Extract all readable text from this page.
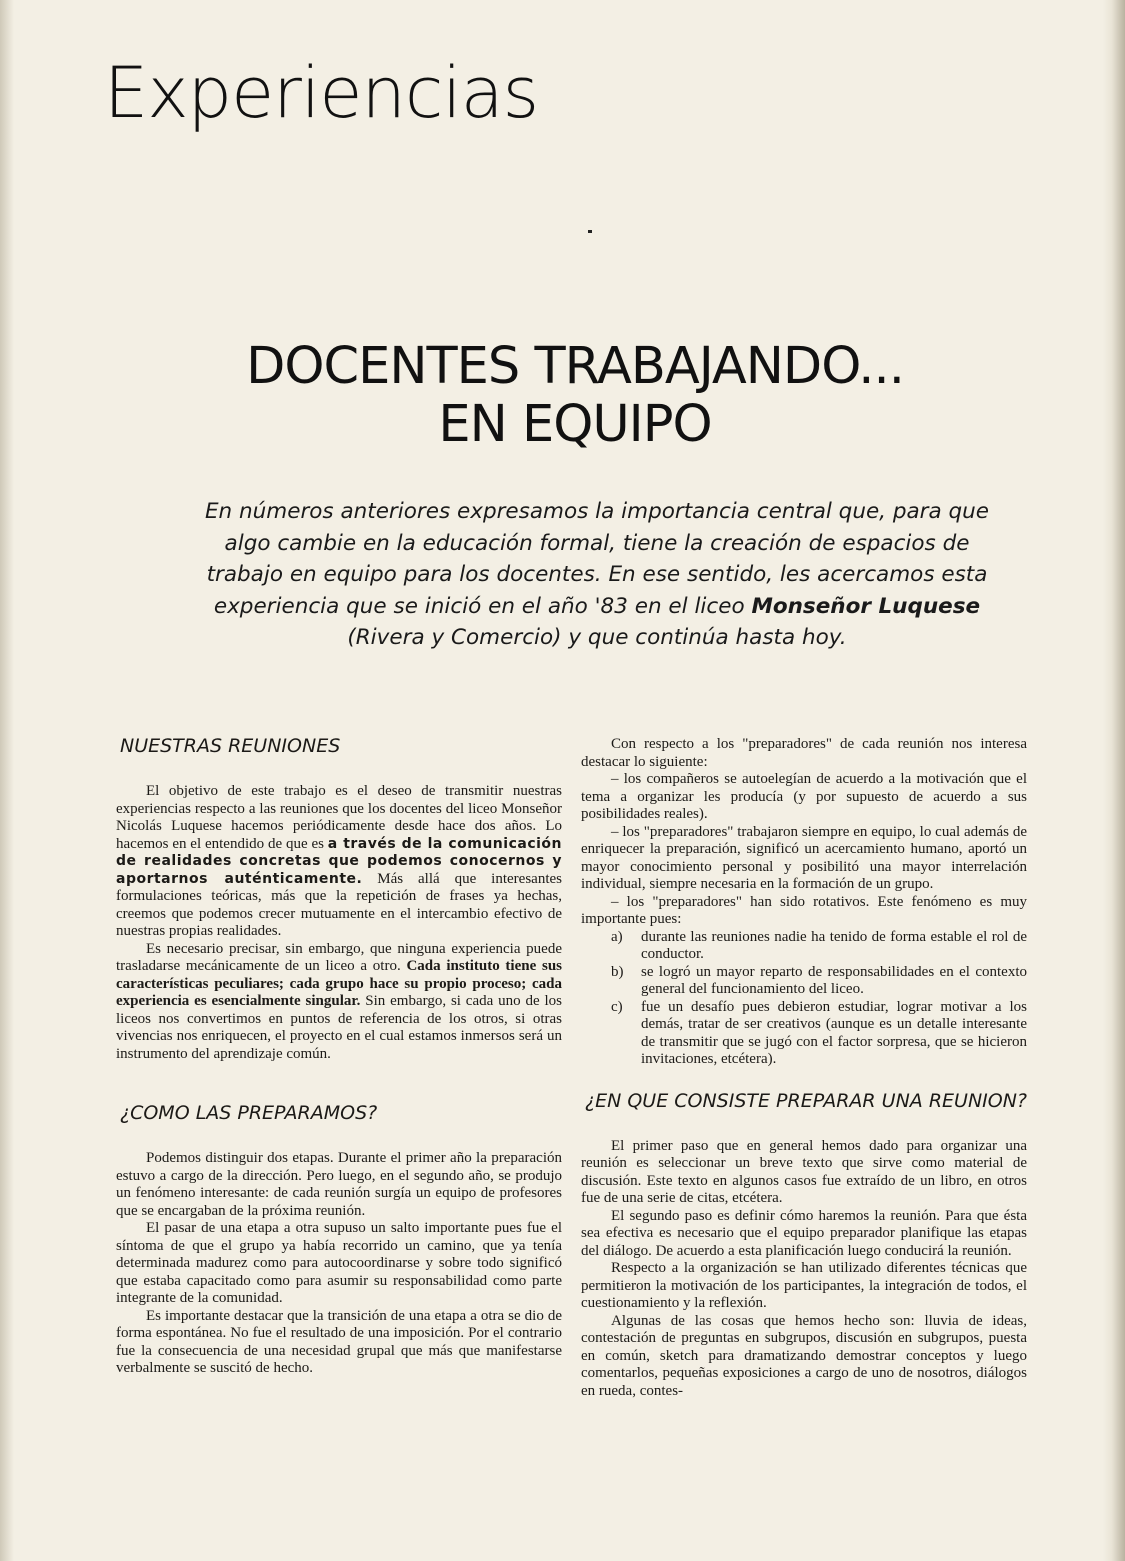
Experiencias
DOCENTES TRABAJANDO...
EN EQUIPO

En números anteriores expresamos la importancia central que, para que algo cambie en la educación formal, tiene la creación de espacios de trabajo en equipo para los docentes. En ese sentido, les acercamos esta experiencia que se inició en el año '83 en el liceo Monseñor Luquese (Rivera y Comercio) y que continúa hasta hoy.

NUESTRAS REUNIONES

El objetivo de este trabajo es el deseo de transmitir nuestras experiencias respecto a las reuniones que los docentes del liceo Monseñor Nicolás Luquese hacemos periódicamente desde hace dos años. Lo hacemos en el entendido de que es a través de la comunicación de realidades concretas que podemos conocernos y aportarnos auténticamente. Más allá que interesantes formulaciones teóricas, más que la repetición de frases ya hechas, creemos que podemos crecer mutuamente en el intercambio efectivo de nuestras propias realidades.

Es necesario precisar, sin embargo, que ninguna experiencia puede trasladarse mecánicamente de un liceo a otro. Cada instituto tiene sus características peculiares; cada grupo hace su propio proceso; cada experiencia es esencialmente singular. Sin embargo, si cada uno de los liceos nos convertimos en puntos de referencia de los otros, si otras vivencias nos enriquecen, el proyecto en el cual estamos inmersos será un instrumento del aprendizaje común.

¿COMO LAS PREPARAMOS?

Podemos distinguir dos etapas. Durante el primer año la preparación estuvo a cargo de la dirección. Pero luego, en el segundo año, se produjo un fenómeno interesante: de cada reunión surgía un equipo de profesores que se encargaban de la próxima reunión.

El pasar de una etapa a otra supuso un salto importante pues fue el síntoma de que el grupo ya había recorrido un camino, que ya tenía determinada madurez como para autocoordinarse y sobre todo significó que estaba capacitado como para asumir su responsabilidad como parte integrante de la comunidad.

Es importante destacar que la transición de una etapa a otra se dio de forma espontánea. No fue el resultado de una imposición. Por el contrario fue la consecuencia de una necesidad grupal que más que manifestarse verbalmente se suscitó de hecho.

Con respecto a los "preparadores" de cada reunión nos interesa destacar lo siguiente:

– los compañeros se autoelegían de acuerdo a la motivación que el tema a organizar les producía (y por supuesto de acuerdo a sus posibilidades reales).

– los "preparadores" trabajaron siempre en equipo, lo cual además de enriquecer la preparación, significó un acercamiento humano, aportó un mayor conocimiento personal y posibilitó una mayor interrelación individual, siempre necesaria en la formación de un grupo.

– los "preparadores" han sido rotativos. Este fenómeno es muy importante pues:

a) durante las reuniones nadie ha tenido de forma estable el rol de conductor.
b) se logró un mayor reparto de responsabilidades en el contexto general del funcionamiento del liceo.
c) fue un desafío pues debieron estudiar, lograr motivar a los demás, tratar de ser creativos (aunque es un detalle interesante de transmitir que se jugó con el factor sorpresa, que se hicieron invitaciones, etcétera).
¿EN QUE CONSISTE PREPARAR UNA REUNION?

El primer paso que en general hemos dado para organizar una reunión es seleccionar un breve texto que sirve como material de discusión. Este texto en algunos casos fue extraído de un libro, en otros fue de una serie de citas, etcétera.

El segundo paso es definir cómo haremos la reunión. Para que ésta sea efectiva es necesario que el equipo preparador planifique las etapas del diálogo. De acuerdo a esta planificación luego conducirá la reunión.

Respecto a la organización se han utilizado diferentes técnicas que permitieron la motivación de los participantes, la integración de todos, el cuestionamiento y la reflexión.

Algunas de las cosas que hemos hecho son: lluvia de ideas, contestación de preguntas en subgrupos, discusión en subgrupos, puesta en común, sketch para dramatizando demostrar conceptos y luego comentarlos, pequeñas exposiciones a cargo de uno de nosotros, diálogos en rueda, contes-
